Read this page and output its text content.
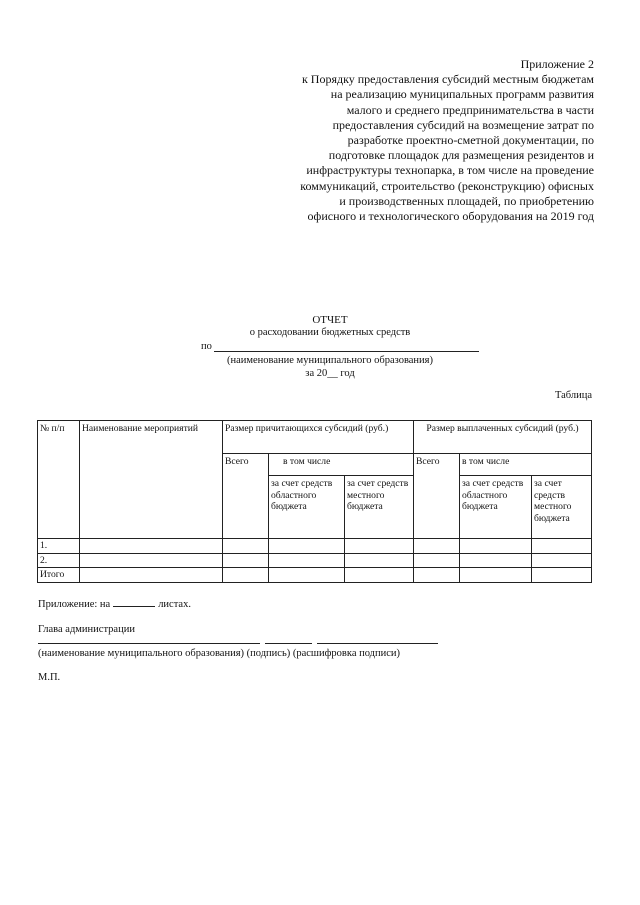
Приложение 2
к Порядку предоставления субсидий местным бюджетам
на реализацию муниципальных программ развития
малого и среднего предпринимательства в части
предоставления субсидий на возмещение затрат по
разработке проектно-сметной документации, по
подготовке площадок для размещения резидентов и
инфраструктуры технопарка, в том числе на проведение
коммуникаций, строительство (реконструкцию) офисных
и производственных площадей, по приобретению
офисного и технологического оборудования на 2019 год
ОТЧЕТ
о расходовании бюджетных средств
по
(наименование муниципального образования)
за 20__ год
Таблица
№ п/п	Наименование мероприятий	Размер причитающихся субсидий (руб.)			Размер выплаченных субсидий (руб.)		
		Всего	в том числе		Всего	в том числе	
			за счет средств областного бюджета	за счет средств местного бюджета		за счет средств областного бюджета	за счет средств местного бюджета
1.							
2.							
Итого							
Приложение: на	листах.
Глава администрации
(наименование муниципального образования) (подпись) (расшифровка подписи)
М.П.
